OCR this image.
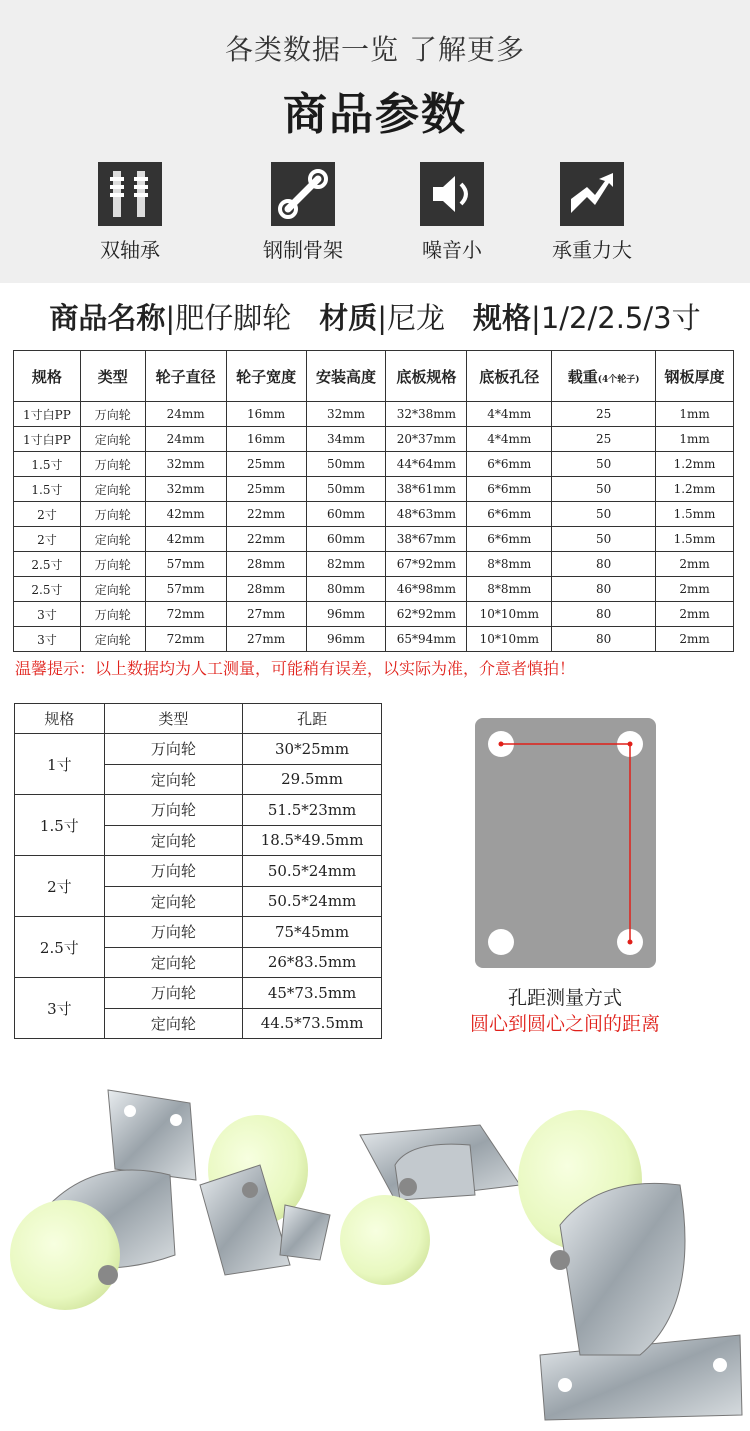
各类数据一览 了解更多
商品参数
双轴承	钢制骨架	噪音小	承重力大
商品名称|肥仔脚轮 材质|尼龙 规格|1/2/2.5/3寸
规格	类型	轮子直径	轮子宽度	安装高度	底板规格	底板孔径	载重(4个轮子)	钢板厚度
1寸白PP	万向轮	24mm	16mm	32mm	32*38mm	4*4mm	25	1mm
1寸白PP	定向轮	24mm	16mm	34mm	20*37mm	4*4mm	25	1mm
1.5寸	万向轮	32mm	25mm	50mm	44*64mm	6*6mm	50	1.2mm
1.5寸	定向轮	32mm	25mm	50mm	38*61mm	6*6mm	50	1.2mm
2寸	万向轮	42mm	22mm	60mm	48*63mm	6*6mm	50	1.5mm
2寸	定向轮	42mm	22mm	60mm	38*67mm	6*6mm	50	1.5mm
2.5寸	万向轮	57mm	28mm	82mm	67*92mm	8*8mm	80	2mm
2.5寸	定向轮	57mm	28mm	80mm	46*98mm	8*8mm	80	2mm
3寸	万向轮	72mm	27mm	96mm	62*92mm	10*10mm	80	2mm
3寸	定向轮	72mm	27mm	96mm	65*94mm	10*10mm	80	2mm
温馨提示：以上数据均为人工测量，可能稍有误差，以实际为准，介意者慎拍！
规格	类型	孔距
1寸	万向轮	30*25mm
	定向轮	29.5mm
1.5寸	万向轮	51.5*23mm
	定向轮	18.5*49.5mm
2寸	万向轮	50.5*24mm
	定向轮	50.5*24mm
2.5寸	万向轮	75*45mm
	定向轮	26*83.5mm
3寸	万向轮	45*73.5mm
	定向轮	44.5*73.5mm
孔距测量方式
圆心到圆心之间的距离
